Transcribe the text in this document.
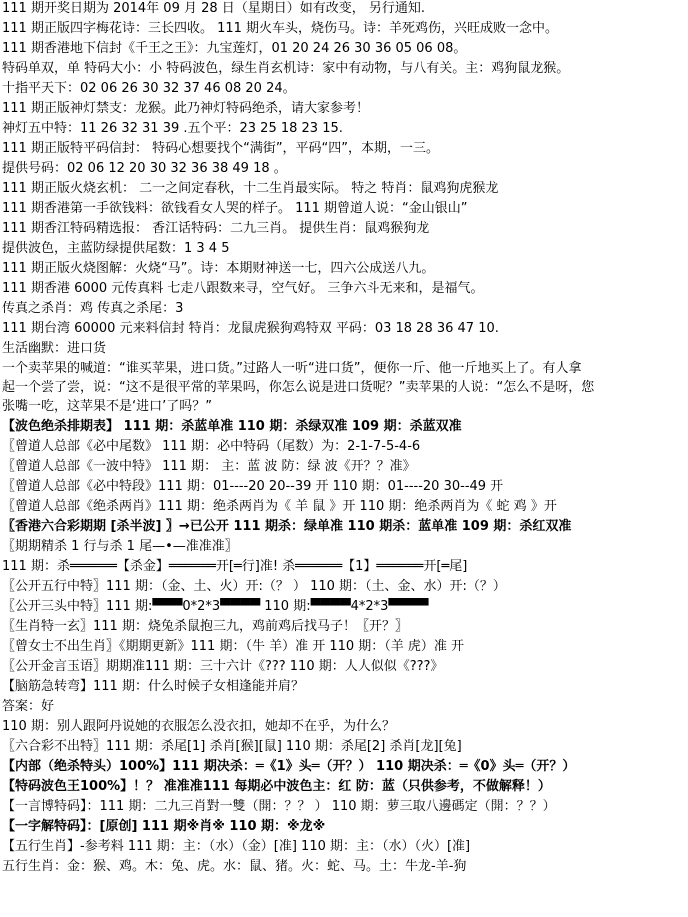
111 期开奖日期为 2014年 09 月 28 日（星期日）如有改变， 另行通知.
111 期正版四字梅花诗：三长四收。 111 期火车头，烧伤马。诗：羊死鸡伤，兴旺成败一念中。
111 期香港地下信封《千王之王》：九宝莲灯，01 20 24 26 30 36 05 06 08。
特码单双，单 特码大小：小 特码波色，绿生肖玄机诗：家中有动物，与八有关。主：鸡狗鼠龙猴。
十指平天下：02 06 26 30 32 37 46 08 20 24。
111 期正版神灯禁支：龙猴。此乃神灯特码绝杀，请大家参考！
神灯五中特：11 26 32 31 39 .五个平：23 25 18 23 15.
111 期正版特平码信封： 特码心想要找个“满街”，平码“四”，本期，一三。
提供号码：02 06 12 20 30 32 36 38 49 18 。
111 期正版火烧玄机： 二一之间定春秋，十二生肖最实际。 特之 特肖：鼠鸡狗虎猴龙
111 期香港第一手欲钱料：欲钱看女人哭的样子。 111 期曾道人说：“金山银山”
111 期香江特码精选报： 香江话特码：二九三肖。 提供生肖：鼠鸡猴狗龙
提供波色，主蓝防绿提供尾数：1 3 4 5
111 期正版火烧图解：火烧“马”。诗：本期财神送一七，四六公成送八九。
111 期香港 6000 元传真料 七走八跟数来寻，空气好。 三争六斗无来和，是福气。
传真之杀肖：鸡 传真之杀尾：3
111 期台湾 60000 元来料信封 特肖：龙鼠虎猴狗鸡特双 平码：03 18 28 36 47 10.
生活幽默：进口货
一个卖苹果的喊道：“谁买苹果，进口货。”过路人一听“进口货”，便你一斤、他一斤地买上了。有人拿
起一个尝了尝，说：“这不是很平常的苹果吗，你怎么说是进口货呢？”卖苹果的人说：“怎么不是呀，您
张嘴一吃，这苹果不是‘进口’了吗？”
【波色绝杀排期表】 111 期：杀蓝单准 110 期：杀绿双准 109 期：杀蓝双准
〖曾道人总部《必中尾数》 111 期：必中特码（尾数）为：2-1-7-5-4-6
〖曾道人总部《一波中特》 111 期： 主：蓝 波 防：绿 波《开？？准》
〖曾道人总部《必中特段》111 期：01----20 20--39 开 110 期：01----20 30--49 开
〖曾道人总部《绝杀两肖》111 期：绝杀两肖为《 羊 鼠 》开 110 期：绝杀两肖为《 蛇 鸡 》开
〖香港六合彩期期 [杀半波] 〗→已公开 111 期杀：绿单准 110 期杀：蓝单准 109 期：杀红双准
〖期期精杀 1 行与杀 1 尾—•—准准准〗
111 期：杀══════【杀金】══════开[═行]准! 杀══════【1】══════开[═尾]
〖公开五行中特〗111 期：（金、土、火）开:（？ ） 110 期：（土、金、水）开:（？）
〖公开三头中特〗111 期:▀▀▀0*2*3▀▀▀▀ 110 期:▀▀▀▀4*2*3▀▀▀▀
〖生肖特一玄〗111 期：烧兔杀鼠抱三九，鸡前鸡后找马子！〖开？〗
〖曾女士不出生肖〗《期期更新》111 期：（牛 羊）准 开 110 期：（羊 虎）准 开
〖公开金言玉语〗期期准111 期：三十六计《??? 110 期：人人似似《???》
【脑筋急转弯】111 期：什么时候子女相逢能并肩？
答案：好
110 期：别人跟阿丹说她的衣服怎么没衣扣，她却不在乎，为什么？
〖六合彩不出特〗111 期：杀尾[1] 杀肖[猴][鼠] 110 期：杀尾[2] 杀肖[龙][兔]
【内部（绝杀特头）100%】111 期决杀：═《1》头═（开？） 110 期决杀：═《0》头═（开？）
【特码波色王100%】！？ 准准准111 每期必中波色主：红 防：蓝（只供参考，不做解释！）
【一言博特码】：111 期：二九三肖對一雙（開：？？ ） 110 期：萝三取八邊碼定（開：？？）
【一字解特码】：[原创] 111 期※肖※ 110 期：※龙※
【五行生肖】-参考料 111 期：主：（水）（金）[准] 110 期：主：（水）（火）[准]
五行生肖：金：猴、鸡。木：兔、虎。水：鼠、猪。火：蛇、马。土：牛龙-羊-狗
